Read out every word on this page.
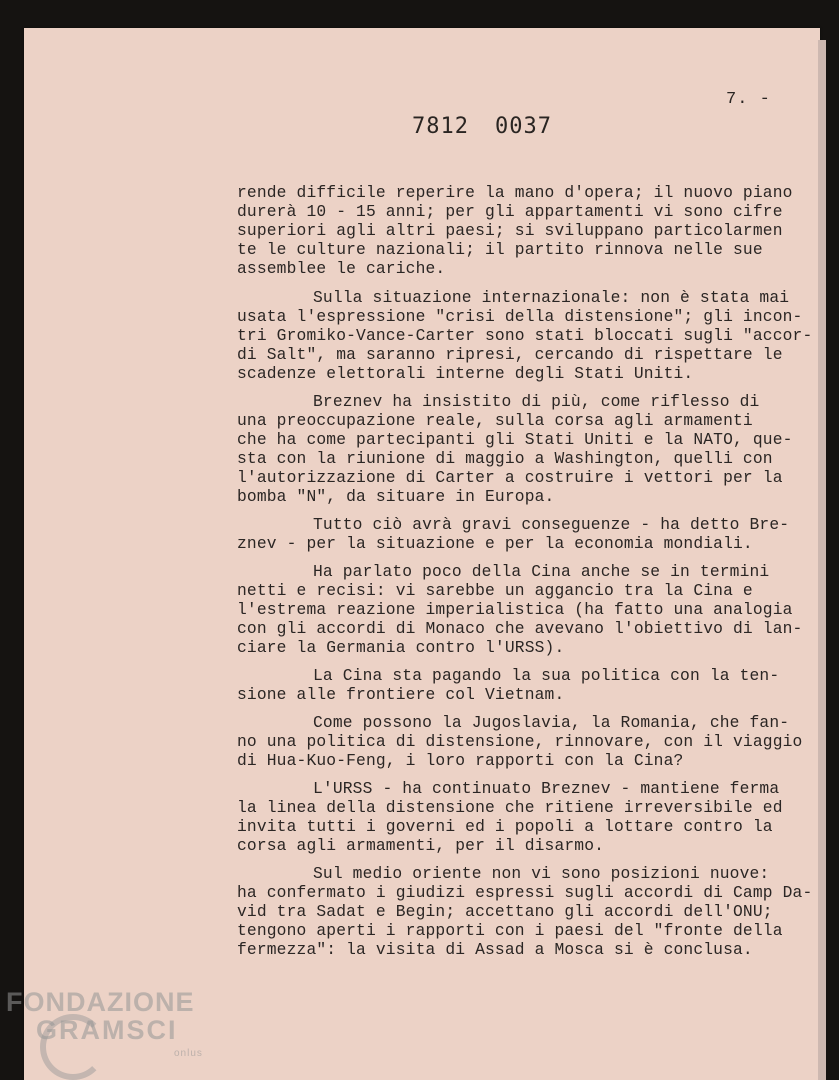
7. -
7812 0037
rende difficile reperire la mano d'opera; il nuovo piano
durerà 10 - 15 anni; per gli appartamenti vi sono cifre
superiori agli altri paesi; si sviluppano particolarmen
te le culture nazionali; il partito rinnova nelle sue
assemblee le cariche.
Sulla situazione internazionale: non è stata mai
usata l'espressione "crisi della distensione"; gli incon-
tri Gromiko-Vance-Carter sono stati bloccati sugli "accor-
di Salt", ma saranno ripresi, cercando di rispettare le
scadenze elettorali interne degli Stati Uniti.
Breznev ha insistito di più, come riflesso di
una preoccupazione reale, sulla corsa agli armamenti
che ha come partecipanti gli Stati Uniti e la NATO, que-
sta con la riunione di maggio a Washington, quelli con
l'autorizzazione di Carter a costruire i vettori per la
bomba "N", da situare in Europa.
Tutto ciò avrà gravi conseguenze - ha detto Bre-
znev - per la situazione e per la economia mondiali.
Ha parlato poco della Cina anche se in termini
netti e recisi: vi sarebbe un aggancio tra la Cina e
l'estrema reazione imperialistica (ha fatto una analogia
con gli accordi di Monaco che avevano l'obiettivo di lan-
ciare la Germania contro l'URSS).
La Cina sta pagando la sua politica con la ten-
sione alle frontiere col Vietnam.
Come possono la Jugoslavia, la Romania, che fan-
no una politica di distensione, rinnovare, con il viaggio
di Hua-Kuo-Feng, i loro rapporti con la Cina?
L'URSS - ha continuato Breznev - mantiene ferma
la linea della distensione che ritiene irreversibile ed
invita tutti i governi ed i popoli a lottare contro la
corsa agli armamenti, per il disarmo.
Sul medio oriente non vi sono posizioni nuove:
ha confermato i giudizi espressi sugli accordi di Camp Da-
vid tra Sadat e Begin; accettano gli accordi dell'ONU;
tengono aperti i rapporti con i paesi del "fronte della
fermezza": la visita di Assad a Mosca si è conclusa.
FONDAZIONE
GRAMSCI
onlus
